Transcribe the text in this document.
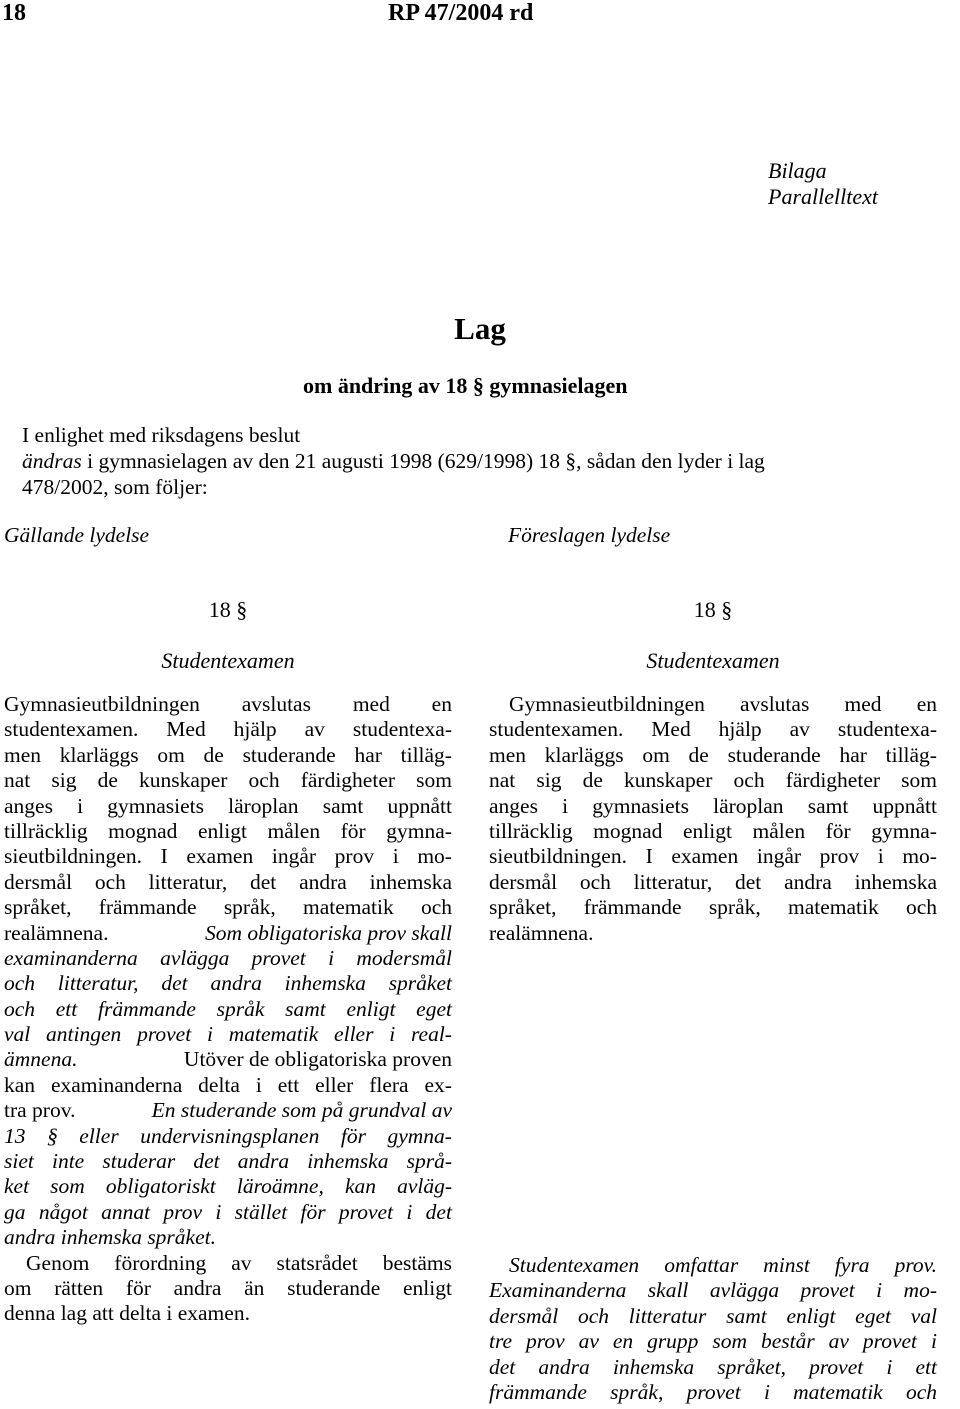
18	RP 47/2004 rd
Bilaga
Parallelltext
Lag
om ändring av 18 § gymnasielagen
I enlighet med riksdagens beslut
ändras i gymnasielagen av den 21 augusti 1998 (629/1998) 18 §, sådan den lyder i lag
478/2002, som följer:
Gällande lydelse	Föreslagen lydelse
18 §
Studentexamen
Gymnasieutbildningen avslutas med en
studentexamen. Med hjälp av studentexa-
men klarläggs om de studerande har tilläg-
nat sig de kunskaper och färdigheter som
anges i gymnasiets läroplan samt uppnått
tillräcklig mognad enligt målen för gymna-
sieutbildningen. I examen ingår prov i mo-
dersmål och litteratur, det andra inhemska
språket, främmande språk, matematik och
realämnena.	Som obligatoriska prov skall
examinanderna avlägga provet i modersmål
och litteratur, det andra inhemska språket
och ett främmande språk samt enligt eget
val antingen provet i matematik eller i real-
ämnena.	Utöver de obligatoriska proven
kan examinanderna delta i ett eller flera ex-
tra prov.	En studerande som på grundval av
13 § eller undervisningsplanen för gymna-
siet inte studerar det andra inhemska språ-
ket som obligatoriskt läroämne, kan avläg-
ga något annat prov i stället för provet i det
andra inhemska språket.
Genom förordning av statsrådet bestäms
om rätten för andra än studerande enligt
denna lag att delta i examen.
18 §
Studentexamen
Gymnasieutbildningen avslutas med en
studentexamen. Med hjälp av studentexa-
men klarläggs om de studerande har tilläg-
nat sig de kunskaper och färdigheter som
anges i gymnasiets läroplan samt uppnått
tillräcklig mognad enligt målen för gymna-
sieutbildningen. I examen ingår prov i mo-
dersmål och litteratur, det andra inhemska
språket, främmande språk, matematik och
realämnena.
Studentexamen omfattar minst fyra prov.
Examinanderna skall avlägga provet i mo-
dersmål och litteratur samt enligt eget val
tre prov av en grupp som består av provet i
det andra inhemska språket, provet i ett
främmande språk, provet i matematik och
